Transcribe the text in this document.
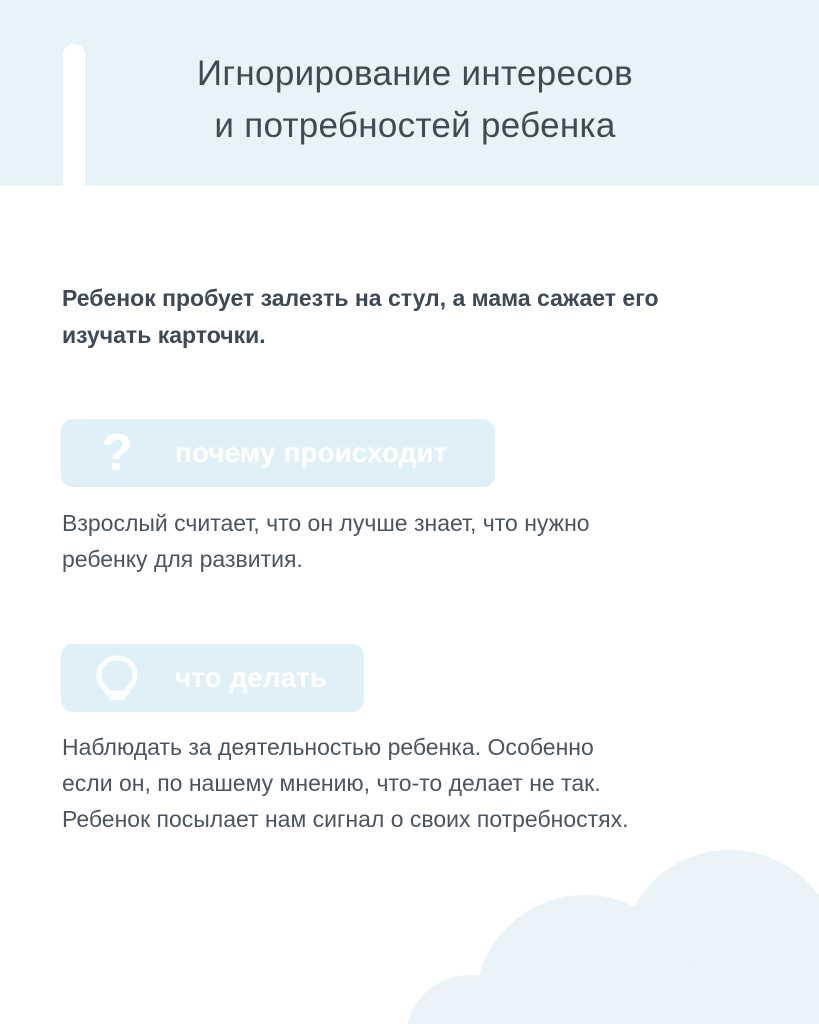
Игнорирование интересов
и потребностей ребенка

Ребенок пробует залезть на стул, а мама сажает его
изучать карточки.

? почему происходит

Взрослый считает, что он лучше знает, что нужно
ребенку для развития.

что делать

Наблюдать за деятельностью ребенка. Особенно
если он, по нашему мнению, что-то делает не так.
Ребенок посылает нам сигнал о своих потребностях.
